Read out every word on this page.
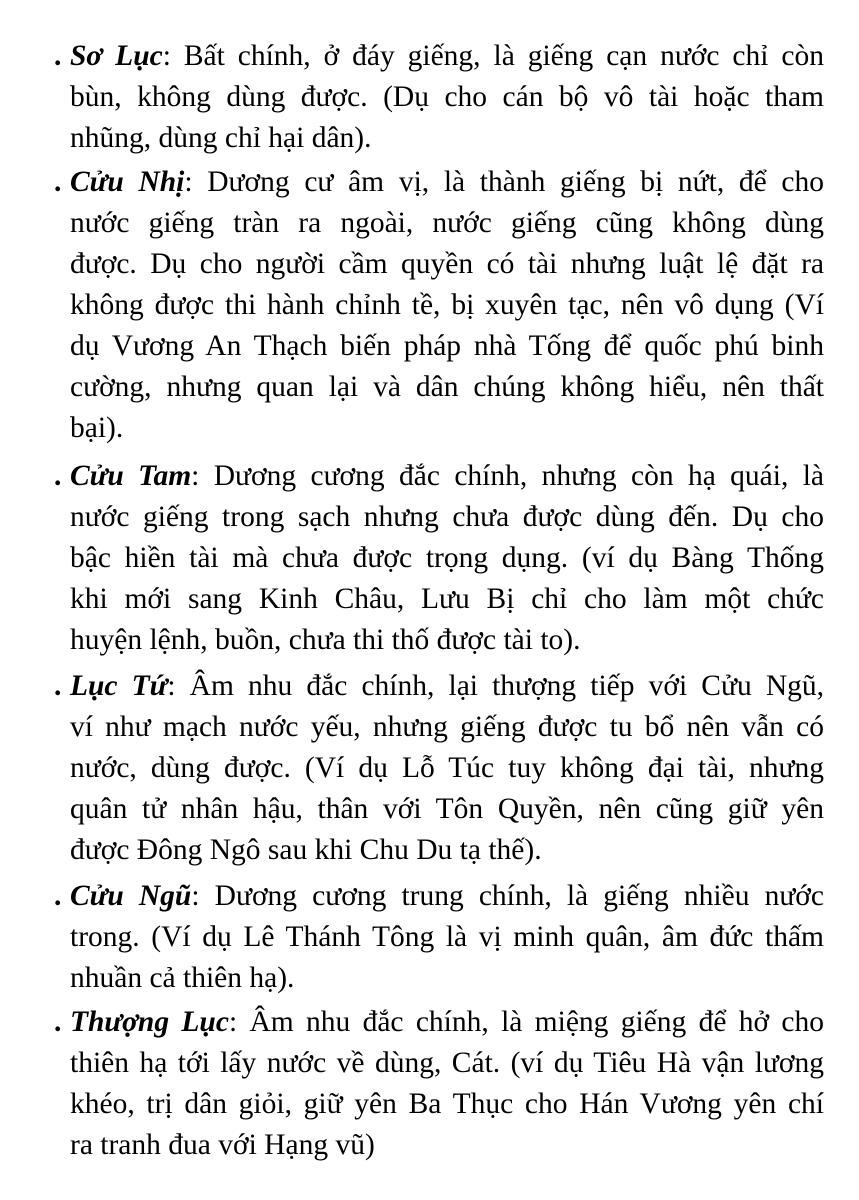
. Sơ Lục: Bất chính, ở đáy giếng, là giếng cạn nước chỉ còn
bùn, không dùng được. (Dụ cho cán bộ vô tài hoặc tham
nhũng, dùng chỉ hại dân).
. Cửu Nhị: Dương cư âm vị, là thành giếng bị nứt, để cho
nước giếng tràn ra ngoài, nước giếng cũng không dùng
được. Dụ cho người cầm quyền có tài nhưng luật lệ đặt ra
không được thi hành chỉnh tề, bị xuyên tạc, nên vô dụng (Ví
dụ Vương An Thạch biến pháp nhà Tống để quốc phú binh
cường, nhưng quan lại và dân chúng không hiểu, nên thất
bại).
. Cửu Tam: Dương cương đắc chính, nhưng còn hạ quái, là
nước giếng trong sạch nhưng chưa được dùng đến. Dụ cho
bậc hiền tài mà chưa được trọng dụng. (ví dụ Bàng Thống
khi mới sang Kinh Châu, Lưu Bị chỉ cho làm một chức
huyện lệnh, buồn, chưa thi thố được tài to).
. Lục Tứ: Âm nhu đắc chính, lại thượng tiếp với Cửu Ngũ,
ví như mạch nước yếu, nhưng giếng được tu bổ nên vẫn có
nước, dùng được. (Ví dụ Lỗ Túc tuy không đại tài, nhưng
quân tử nhân hậu, thân với Tôn Quyền, nên cũng giữ yên
được Đông Ngô sau khi Chu Du tạ thế).
. Cửu Ngũ: Dương cương trung chính, là giếng nhiều nước
trong. (Ví dụ Lê Thánh Tông là vị minh quân, âm đức thấm
nhuần cả thiên hạ).
. Thượng Lục: Âm nhu đắc chính, là miệng giếng để hở cho
thiên hạ tới lấy nước về dùng, Cát. (ví dụ Tiêu Hà vận lương
khéo, trị dân giỏi, giữ yên Ba Thục cho Hán Vương yên chí
ra tranh đua với Hạng vũ)
